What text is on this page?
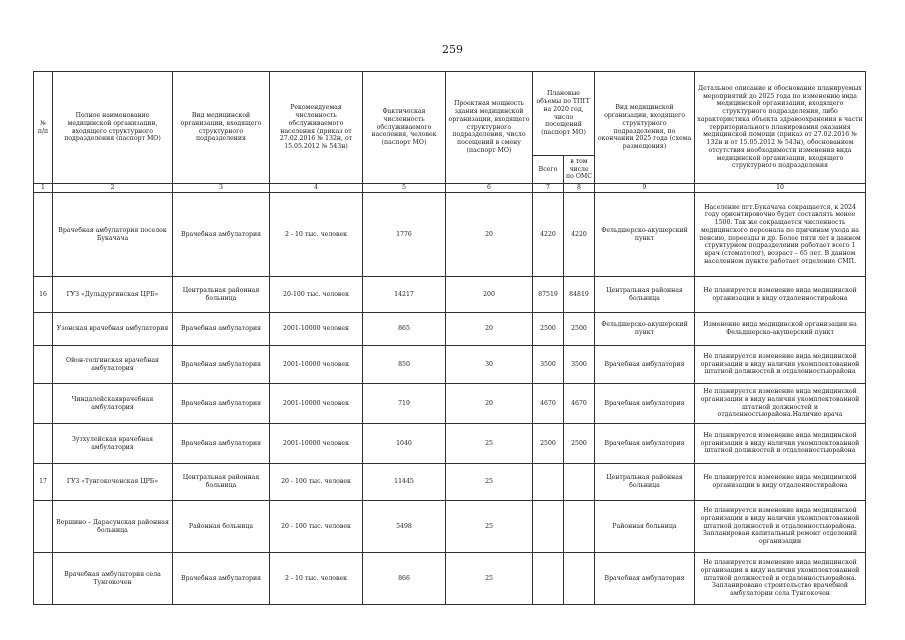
259
№ п/п	Полное наименование медицинской организации, входящего структурного подразделения (паспорт МО)	Вид медицинской организации, входящего структурного подразделения	Рекомендуемая численность обслуживаемого населения (приказ от 27.02.2016 № 132н, от 15.05.2012 № 543н)	Фактическая численность обслуживаемого населения, человек (паспорт МО)	Проектная мощность здания медицинской организации, входящего структурного подразделения, число посещений в смену (паспорт МО)	Плановые объемы по ТПГГ на 2020 год, число посещений (паспорт МО)		Вид медицинской организации, входящего структурного подразделения, по окончании 2025 года (схема размещения)	Детальное описание и обоснование планируемых мероприятий до 2025 года по изменению вида медицинской организации, входящего структурного подразделения, либо характеристика объекта здравоохранения в части территориального планирования оказания медицинской помощи (приказ от 27.02.2016 № 132н и от 15.05.2012 № 543н), обоснованием отсутствия необходимости изменения вида медицинской организации, входящего структурного подразделения
						Всего	в том числе по ОМС		
1	2	3	4	5	6	7	8	9	10
	Врачебная амбулатория поселок Букачача	Врачебная амбулатория	2 - 10 тыс. человек	1776	20	4220	4220	Фельдшерско-акушерский пункт	Население пгт.Букачача сокращается, к 2024 году ориентировочно будет составлять менее 1500. Так же сокращается численность медицинского персонала по причинам ухода на пенсию, переезды и др. Более пяти лет в данном структурном подразделении работает всего 1 врач (стоматолог), возраст – 65 лет. В данном населенном пункте работает отделение СМП.
16	ГУЗ «Дульдургинская ЦРБ»	Центральная районная больница	20-100 тыс. человек	14217	200	87519	84819	Центральная районная больница	Не планируется изменение вида медицинской организации в виду отдаленностирайона
	Узонская врачебная амбулатория	Врачебная амбулатория	2001-10000 человек	865	20	2500	2500	Фельдшерско-акушерский пункт	Изменение вида медицинской организации на Фельдшерско-акушерский пункт
	Ойон-толгинская врачебная амбулатория	Врачебная амбулатория	2001-10000 человек	850	30	3500	3500	Врачебная амбулатория	Не планируется изменение вида медицинской организации в виду наличия укомплектованной штатной должностей и отдаленностьюрайона
	Чиндалейскаяврачебная амбулатория	Врачебная амбулатория	2001-10000 человек	719	20	4670	4670	Врачебная амбулатория	Не планируется изменение вида медицинской организации в виду наличия укомплектованной штатной должностей и отдаленностьюрайона.Наличие врача
	Зутхулейская врачебная амбулатория	Врачебная амбулатория	2001-10000 человек	1040	25	2500	2500	Врачебная амбулатория	Не планируется изменение вида медицинской организации в виду наличия укомплектованной штатной должностей и отдаленностьюрайона
17	ГУЗ «Тунгокоченская ЦРБ»	Центральная районная больница	20 - 100 тыс. человек	11445	25			Центральная районная больница	Не планируется изменение вида медицинской организации в виду отдаленностирайона
	Вершино – Дарасунская районная больница	Районная больница	20 - 100 тыс. человек	5498	25			Районная больница	Не планируется изменение вида медицинской организации в виду наличия укомплектованной штатной должностей и отдаленностьюрайона. Запланирован капитальный ремонт отделений организации
	Врачебная амбулатория села Тунгокочен	Врачебная амбулатория	2 - 10 тыс. человек	866	25			Врачебная амбулатория	Не планируется изменение вида медицинской организации в виду наличия укомплектованной штатной должностей и отдаленностьюрайона. Запланировано строительство врачебной амбулатории села Тунгокочен
